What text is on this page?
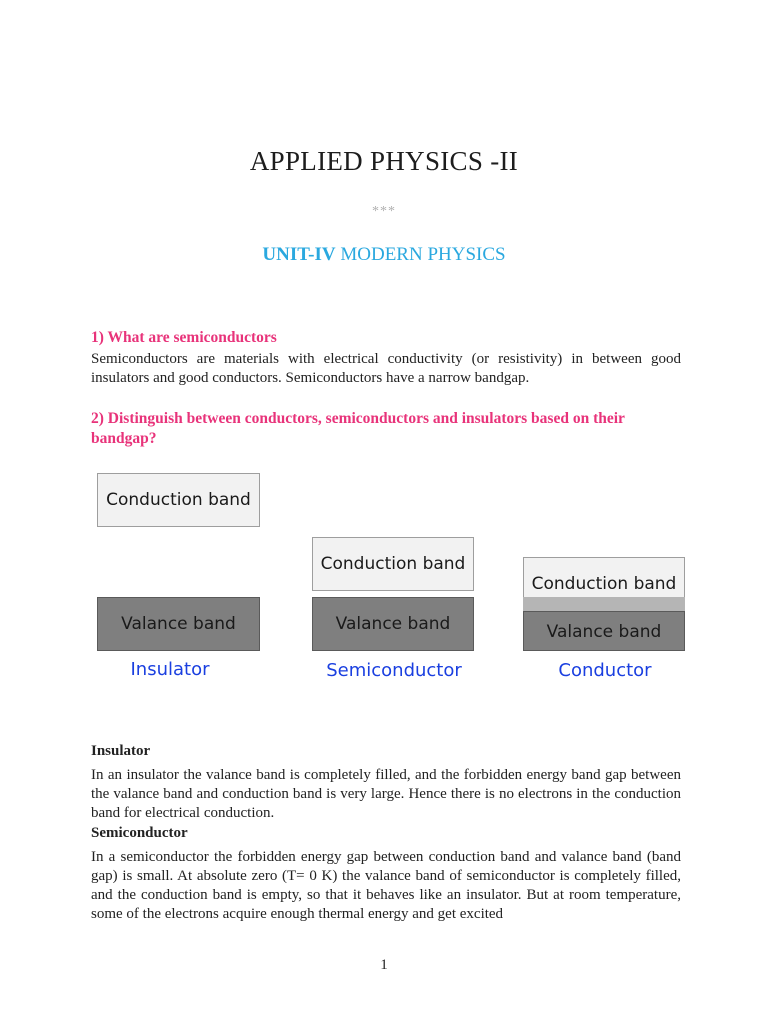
APPLIED PHYSICS -II
***
UNIT-IV MODERN PHYSICS
1) What are semiconductors
Semiconductors are materials with electrical conductivity (or resistivity) in between good insulators and good conductors. Semiconductors have a narrow bandgap.
2) Distinguish between conductors, semiconductors and insulators based on their bandgap?
Conduction band
Valance band
Insulator
Conduction band
Valance band
Semiconductor
Conduction band
Valance band
Conductor
Insulator
In an insulator the valance band is completely filled, and the forbidden energy band gap between the valance band and conduction band is very large. Hence there is no electrons in the conduction band for electrical conduction.
Semiconductor
In a semiconductor the forbidden energy gap between conduction band and valance band (band gap) is small. At absolute zero (T= 0 K) the valance band of semiconductor is completely filled, and the conduction band is empty, so that it behaves like an insulator. But at room temperature, some of the electrons acquire enough thermal energy and get excited
1
